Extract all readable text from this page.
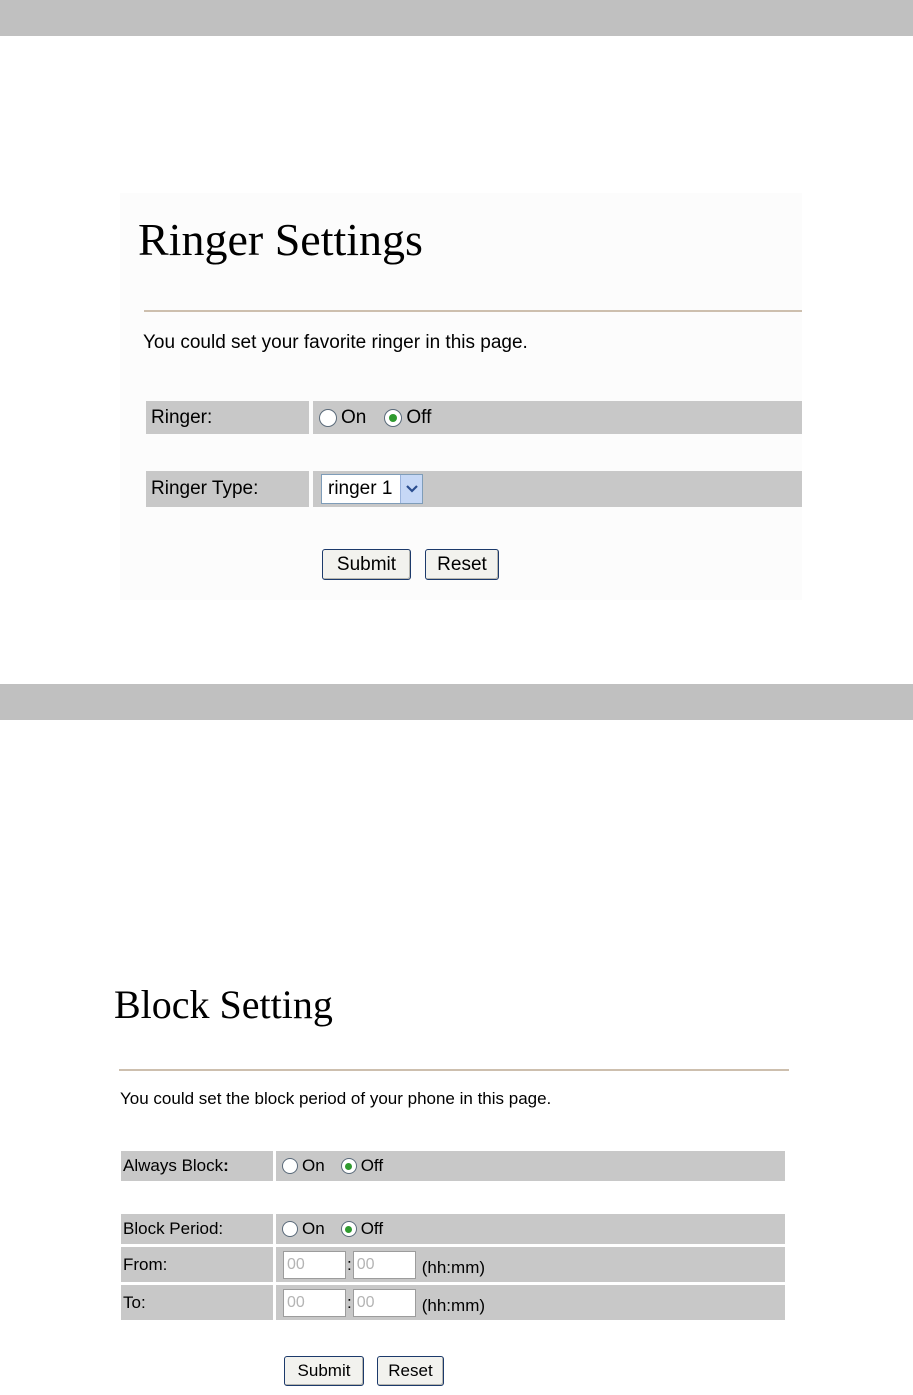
Ringer Settings
You could set your favorite ringer in this page.
Ringer:	On Off
Ringer Type:	ringer 1
Submit	Reset
Block Setting
You could set the block period of your phone in this page.
Always Block :	On Off
Block Period:	On Off
From:	00	: 00	(hh:mm)
To:	00	: 00	(hh:mm)
Submit	Reset
